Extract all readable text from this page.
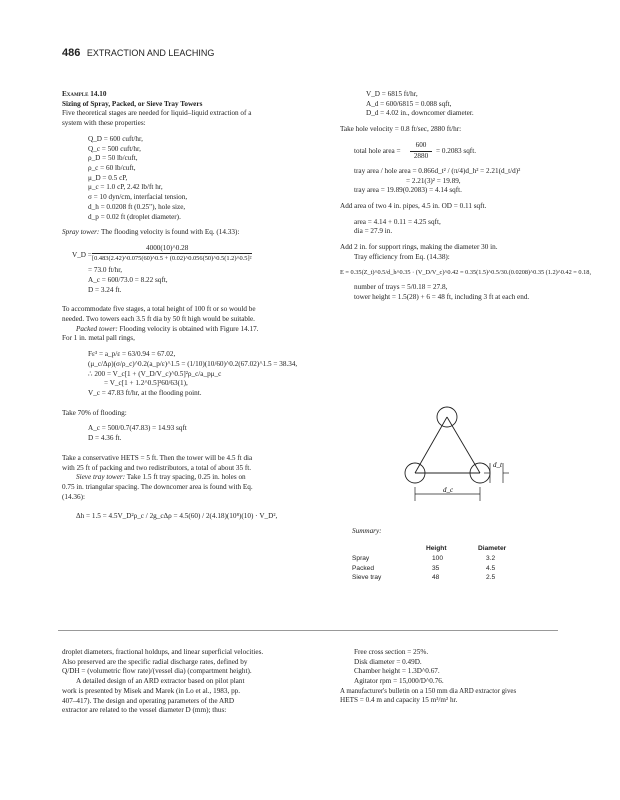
486 EXTRACTION AND LEACHING

Example 14.10

Sizing of Spray, Packed, or Sieve Tray Towers

Five theoretical stages are needed for liquid–liquid extraction of a

system with these properties:

Q_D = 600 cuft/hr,

Q_c = 500 cuft/hr,

ρ_D = 50 lb/cuft,

ρ_c = 60 lb/cuft,

μ_D = 0.5 cP,

μ_c = 1.0 cP, 2.42 lb/ft hr,

σ = 10 dyn/cm, interfacial tension,

d_h = 0.0208 ft (0.25"), hole size,

d_p = 0.02 ft (droplet diameter).

Spray tower: The flooding velocity is found with Eq. (14.33):

4000(10)^0.28
V_D = [0.483(2.42)^0.075(60)^0.5 + (0.02)^0.056(50)^0.5(1.2)^0.5]²

= 73.0 ft/hr,

A_c = 600/73.0 = 8.22 sqft,

D = 3.24 ft.

To accommodate five stages, a total height of 100 ft or so would be

needed. Two towers each 3.5 ft dia by 50 ft high would be suitable.

Packed tower: Flooding velocity is obtained with Figure 14.17.

For 1 in. metal pall rings,

Fε³ = a_p/ε = 63/0.94 = 67.02,

(μ_c/Δρ)(σ/ρ_c)^0.2(a_p/ε)^1.5 = (1/10)(10/60)^0.2(67.02)^1.5 = 38.34,

∴ 200 = V_c[1 + (V_D/V_c)^0.5]²ρ_c/a_pμ_c

= V_c[1 + 1.2^0.5]²60/63(1),

V_c = 47.83 ft/hr, at the flooding point.

Take 70% of flooding:

A_c = 500/0.7(47.83) = 14.93 sqft

D = 4.36 ft.

Take a conservative HETS = 5 ft. Then the tower will be 4.5 ft dia

with 25 ft of packing and two redistributors, a total of about 35 ft.

Sieve tray tower: Take 1.5 ft tray spacing, 0.25 in. holes on

0.75 in. triangular spacing. The downcomer area is found with Eq.

(14.36):

Δh = 1.5 = 4.5V_D²ρ_c / 2g_cΔρ = 4.5(60) / 2(4.18)(10⁸)(10) · V_D²,

V_D = 6815 ft/hr,

A_d = 600/6815 = 0.088 sqft,

D_d = 4.02 in., downcomer diameter.

Take hole velocity = 0.8 ft/sec, 2880 ft/hr:

total hole area =
600
2880
= 0.2083 sqft.

tray area / hole area = 0.866d_t² / (π/4)d_h² = 2.21(d_t/d)²

= 2.21(3)² = 19.89,

tray area = 19.89(0.2083) = 4.14 sqft.

Add area of two 4 in. pipes, 4.5 in. OD = 0.11 sqft.

area = 4.14 + 0.11 = 4.25 sqft,

dia = 27.9 in.

Add 2 in. for support rings, making the diameter 30 in.

Tray efficiency from Eq. (14.38):

E = 0.35(Z_t)^0.5/d_h^0.35 · (V_D/V_c)^0.42 = 0.35(1.5)^0.5/30.(0.0208)^0.35 (1.2)^0.42 = 0.18,

number of trays = 5/0.18 = 27.8,

tower height = 1.5(28) + 6 = 48 ft, including 3 ft at each end.

d_t
d_c

Summary:

	Height	Diameter
Spray	100	3.2
Packed	35	4.5
Sieve tray	48	2.5

droplet diameters, fractional holdups, and linear superficial velocities.

Also preserved are the specific radial discharge rates, defined by

Q/DH = (volumetric flow rate)/(vessel dia) (compartment height).

A detailed design of an ARD extractor based on pilot plant

work is presented by Misek and Marek (in Lo et al., 1983, pp.

407–417). The design and operating parameters of the ARD

extractor are related to the vessel diameter D (mm); thus:

Free cross section = 25%.

Disk diameter = 0.49D.

Chamber height = 1.3D^0.67.

Agitator rpm = 15,000/D^0.76.

A manufacturer's bulletin on a 150 mm dia ARD extractor gives

HETS = 0.4 m and capacity 15 m³/m² hr.
